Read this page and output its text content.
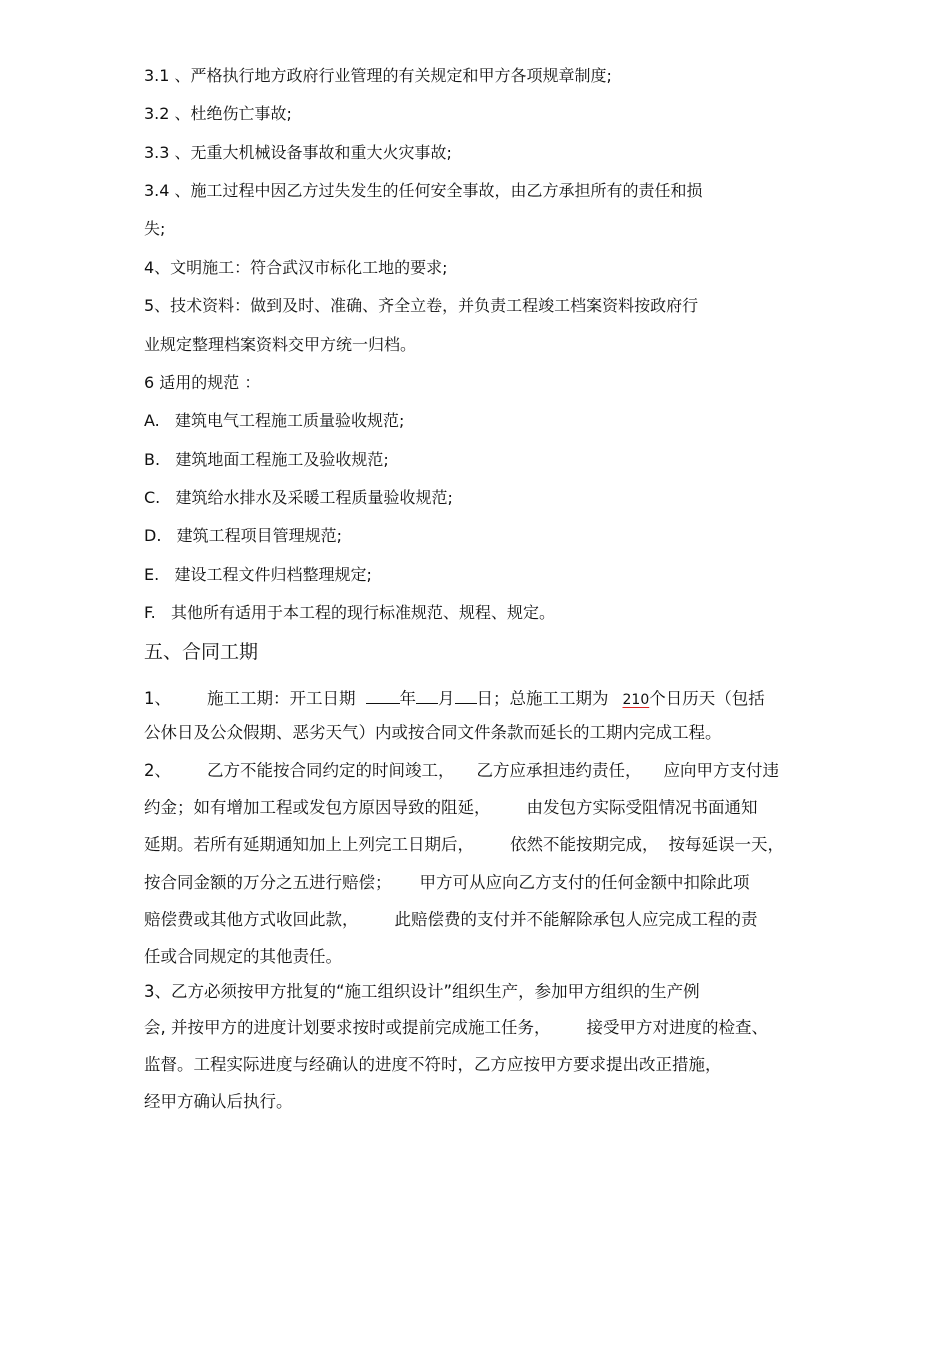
3.1 、严格执行地方政府行业管理的有关规定和甲方各项规章制度;
3.2 、杜绝伤亡事故;
3.3 、无重大机械设备事故和重大火灾事故;
3.4 、施工过程中因乙方过失发生的任何安全事故，由乙方承担所有的责任和损
失;
4、文明施工：符合武汉市标化工地的要求;
5、技术资料：做到及时、准确、齐全立卷，并负责工程竣工档案资料按政府行
业规定整理档案资料交甲方统一归档。
6 适用的规范 ：
A.   建筑电气工程施工质量验收规范;
B.   建筑地面工程施工及验收规范;
C.   建筑给水排水及采暖工程质量验收规范;
D.   建筑工程项目管理规范;
E.   建设工程文件归档整理规定;
F.   其他所有适用于本工程的现行标准规范、规程、规定。
五、合同工期
1、 施工工期：开工日期	年 月 日；总施工工期为 210个日历天（包括
公休日及公众假期、恶劣天气）内或按合同文件条款而延长的工期内完成工程。
2、 乙方不能按合同约定的时间竣工， 乙方应承担违约责任， 应向甲方支付违
约金；如有增加工程或发包方原因导致的阻延， 由发包方实际受阻情况书面通知
延期。若所有延期通知加上上列完工日期后， 依然不能按期完成， 按每延误一天，
按合同金额的万分之五进行赔偿； 甲方可从应向乙方支付的任何金额中扣除此项
赔偿费或其他方式收回此款， 此赔偿费的支付并不能解除承包人应完成工程的责
任或合同规定的其他责任。
3、乙方必须按甲方批复的“施工组织设计”组织生产，参加甲方组织的生产例
会, 并按甲方的进度计划要求按时或提前完成施工任务， 接受甲方对进度的检查、
监督。工程实际进度与经确认的进度不符时，乙方应按甲方要求提出改正措施，
经甲方确认后执行。
